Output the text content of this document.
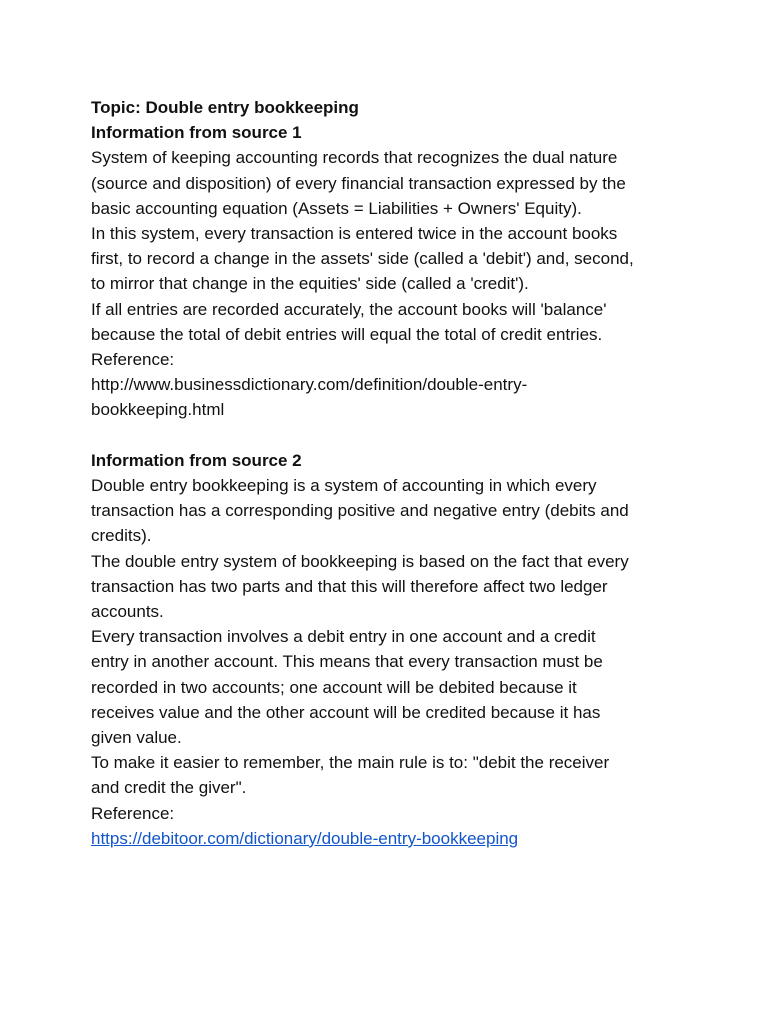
Topic: Double entry bookkeeping
Information from source 1
System of keeping accounting records that recognizes the dual nature
(source and disposition) of every financial transaction expressed by the
basic accounting equation (Assets = Liabilities + Owners' Equity).
In this system, every transaction is entered twice in the account books
first, to record a change in the assets' side (called a 'debit') and, second,
to mirror that change in the equities' side (called a 'credit').
If all entries are recorded accurately, the account books will 'balance'
because the total of debit entries will equal the total of credit entries.
Reference:
http://www.businessdictionary.com/definition/double-entry-
bookkeeping.html
Information from source 2
Double entry bookkeeping is a system of accounting in which every
transaction has a corresponding positive and negative entry (debits and
credits).
The double entry system of bookkeeping is based on the fact that every
transaction has two parts and that this will therefore affect two ledger
accounts.
Every transaction involves a debit entry in one account and a credit
entry in another account. This means that every transaction must be
recorded in two accounts; one account will be debited because it
receives value and the other account will be credited because it has
given value.
To make it easier to remember, the main rule is to: "debit the receiver
and credit the giver".
Reference:
https://debitoor.com/dictionary/double-entry-bookkeeping
